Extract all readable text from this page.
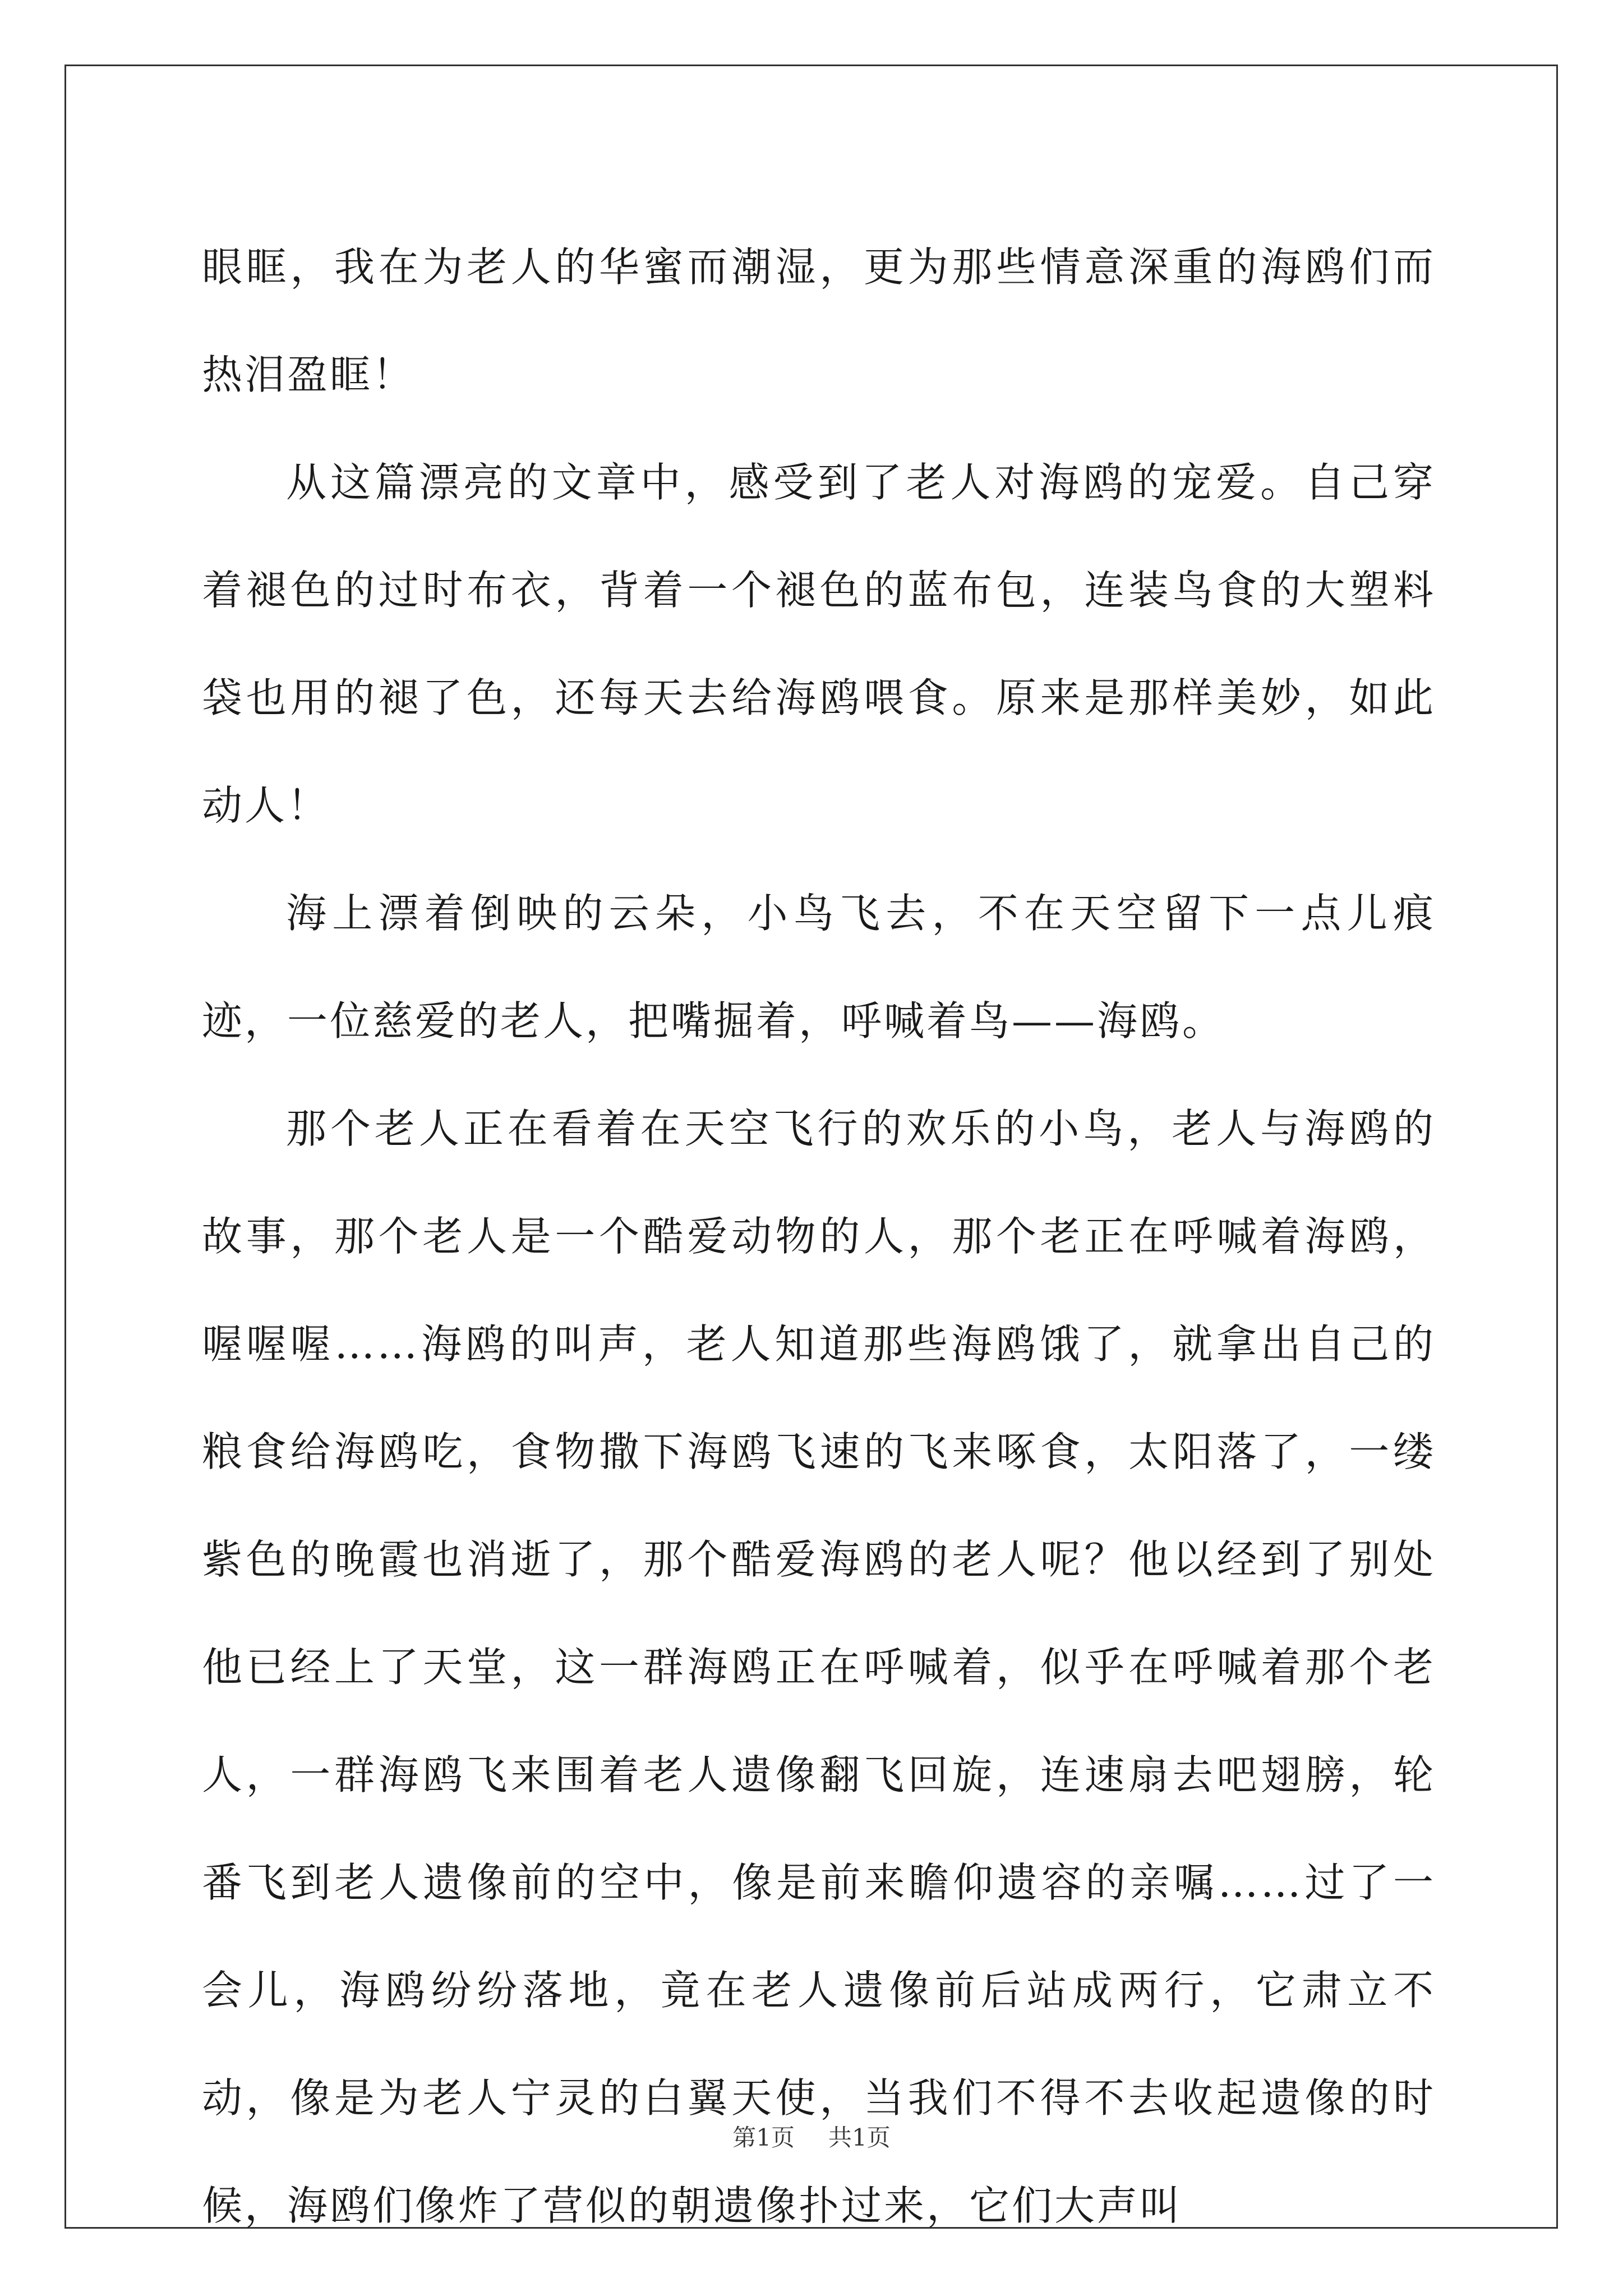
眼眶，我在为老人的华蜜而潮湿，更为那些情意深重的海鸥们而热泪盈眶！

从这篇漂亮的文章中，感受到了老人对海鸥的宠爱。自己穿着褪色的过时布衣，背着一个褪色的蓝布包，连装鸟食的大塑料袋也用的褪了色，还每天去给海鸥喂食。原来是那样美妙，如此动人！

海上漂着倒映的云朵，小鸟飞去，不在天空留下一点儿痕迹，一位慈爱的老人，把嘴掘着，呼喊着鸟——海鸥。

那个老人正在看着在天空飞行的欢乐的小鸟，老人与海鸥的故事，那个老人是一个酷爱动物的人，那个老正在呼喊着海鸥，喔喔喔……海鸥的叫声，老人知道那些海鸥饿了，就拿出自己的粮食给海鸥吃，食物撒下海鸥飞速的飞来啄食，太阳落了，一缕紫色的晚霞也消逝了，那个酷爱海鸥的老人呢？他以经到了别处他已经上了天堂，这一群海鸥正在呼喊着，似乎在呼喊着那个老人，一群海鸥飞来围着老人遗像翻飞回旋，连速扇去吧翅膀，轮番飞到老人遗像前的空中，像是前来瞻仰遗容的亲嘱……过了一会儿，海鸥纷纷落地，竟在老人遗像前后站成两行，它肃立不动，像是为老人宁灵的白翼天使，当我们不得不去收起遗像的时候，海鸥们像炸了营似的朝遗像扑过来，它们大声叫

第1页 共1页
